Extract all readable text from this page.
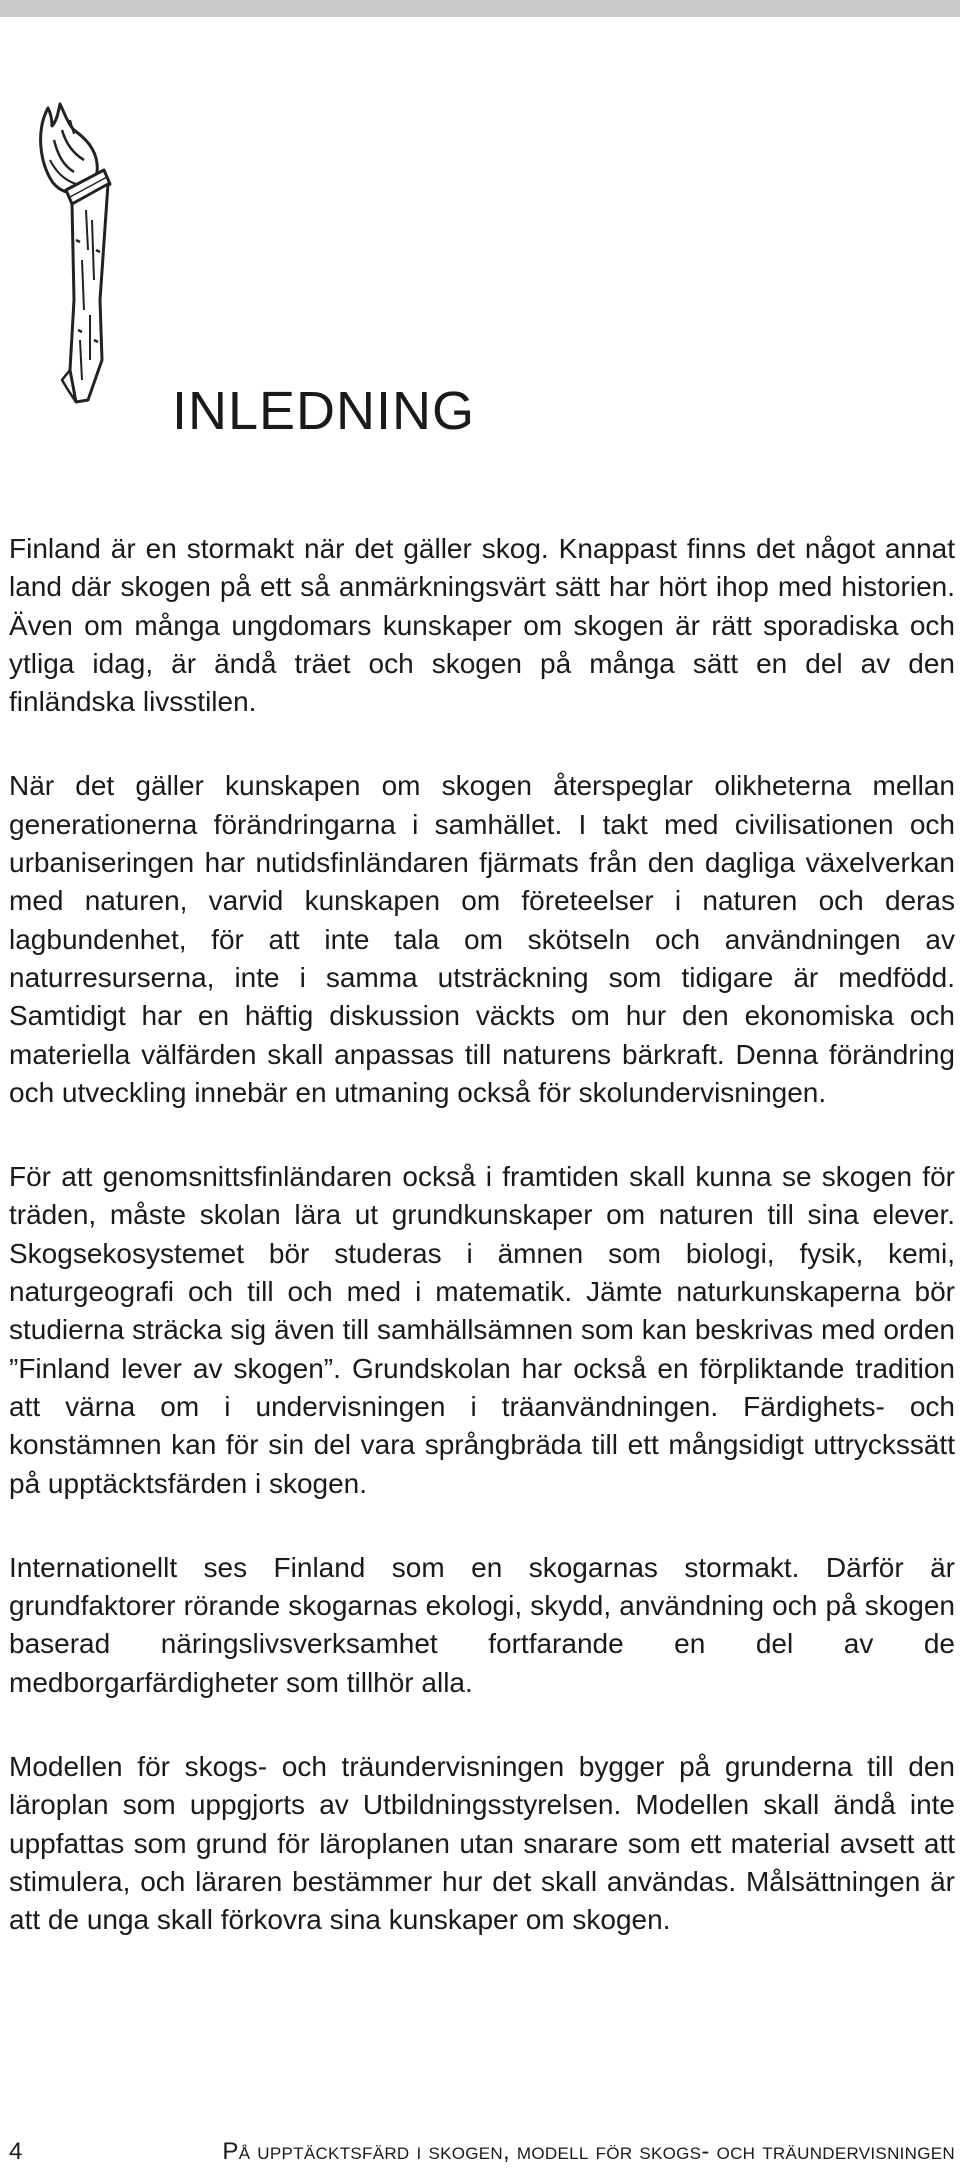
INLEDNING

Finland är en stormakt när det gäller skog. Knappast finns det något annat land där skogen på ett så anmärkningsvärt sätt har hört ihop med historien. Även om många ungdomars kunskaper om skogen är rätt sporadiska och ytliga idag, är ändå träet och skogen på många sätt en del av den finländska livsstilen.

När det gäller kunskapen om skogen återspeglar olikheterna mellan generationerna förändringarna i samhället. I takt med civilisationen och urbaniseringen har nutidsfinländaren fjärmats från den dagliga växelverkan med naturen, varvid kunskapen om företeelser i naturen och deras lagbundenhet, för att inte tala om skötseln och användningen av naturresurserna, inte i samma utsträckning som tidigare är medfödd. Samtidigt har en häftig diskussion väckts om hur den ekonomiska och materiella välfärden skall anpassas till naturens bärkraft. Denna förändring och utveckling innebär en utmaning också för skolundervisningen.

För att genomsnittsfinländaren också i framtiden skall kunna se skogen för träden, måste skolan lära ut grundkunskaper om naturen till sina elever. Skogsekosystemet bör studeras i ämnen som biologi, fysik, kemi, naturgeografi och till och med i matematik. Jämte naturkunskaperna bör studierna sträcka sig även till samhällsämnen som kan beskrivas med orden ”Finland lever av skogen”. Grundskolan har också en förpliktande tradition att värna om i undervisningen i träanvändningen. Färdighets- och konstämnen kan för sin del vara språngbräda till ett mångsidigt uttryckssätt på upptäcktsfärden i skogen.

Internationellt ses Finland som en skogarnas stormakt. Därför är grundfaktorer rörande skogarnas ekologi, skydd, användning och på skogen baserad näringslivsverksamhet fortfarande en del av de medborgarfärdigheter som tillhör alla.

Modellen för skogs- och träundervisningen bygger på grunderna till den läroplan som uppgjorts av Utbildningsstyrelsen. Modellen skall ändå inte uppfattas som grund för läroplanen utan snarare som ett material avsett att stimulera, och läraren bestämmer hur det skall användas. Målsättningen är att de unga skall förkovra sina kunskaper om skogen.

4	På upptäcktsfärd i skogen, modell för skogs- och träundervisningen
